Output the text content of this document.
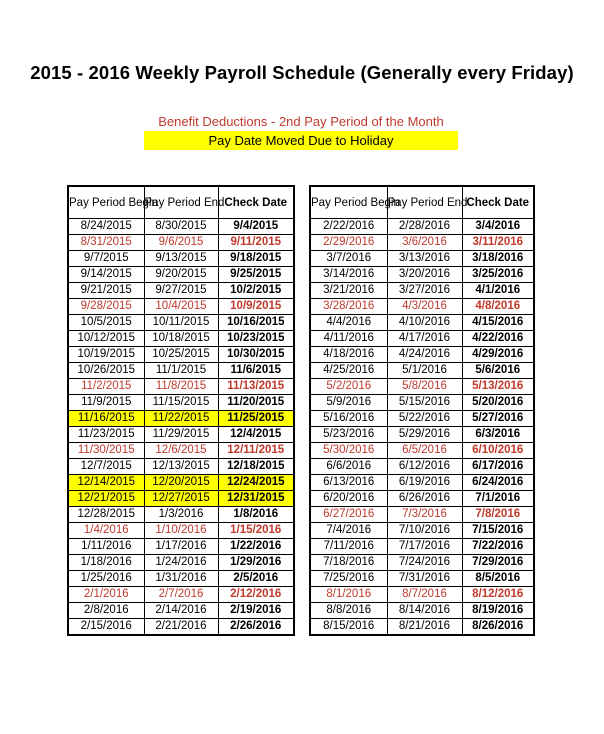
2015 - 2016 Weekly Payroll Schedule (Generally every Friday)
Benefit Deductions - 2nd Pay Period of the Month
Pay Date Moved Due to Holiday
Pay Period Begin	Pay Period End	Check Date
8/24/2015	8/30/2015	9/4/2015
8/31/2015	9/6/2015	9/11/2015
9/7/2015	9/13/2015	9/18/2015
9/14/2015	9/20/2015	9/25/2015
9/21/2015	9/27/2015	10/2/2015
9/28/2015	10/4/2015	10/9/2015
10/5/2015	10/11/2015	10/16/2015
10/12/2015	10/18/2015	10/23/2015
10/19/2015	10/25/2015	10/30/2015
10/26/2015	11/1/2015	11/6/2015
11/2/2015	11/8/2015	11/13/2015
11/9/2015	11/15/2015	11/20/2015
11/16/2015	11/22/2015	11/25/2015
11/23/2015	11/29/2015	12/4/2015
11/30/2015	12/6/2015	12/11/2015
12/7/2015	12/13/2015	12/18/2015
12/14/2015	12/20/2015	12/24/2015
12/21/2015	12/27/2015	12/31/2015
12/28/2015	1/3/2016	1/8/2016
1/4/2016	1/10/2016	1/15/2016
1/11/2016	1/17/2016	1/22/2016
1/18/2016	1/24/2016	1/29/2016
1/25/2016	1/31/2016	2/5/2016
2/1/2016	2/7/2016	2/12/2016
2/8/2016	2/14/2016	2/19/2016
2/15/2016	2/21/2016	2/26/2016
Pay Period Begin	Pay Period End	Check Date
2/22/2016	2/28/2016	3/4/2016
2/29/2016	3/6/2016	3/11/2016
3/7/2016	3/13/2016	3/18/2016
3/14/2016	3/20/2016	3/25/2016
3/21/2016	3/27/2016	4/1/2016
3/28/2016	4/3/2016	4/8/2016
4/4/2016	4/10/2016	4/15/2016
4/11/2016	4/17/2016	4/22/2016
4/18/2016	4/24/2016	4/29/2016
4/25/2016	5/1/2016	5/6/2016
5/2/2016	5/8/2016	5/13/2016
5/9/2016	5/15/2016	5/20/2016
5/16/2016	5/22/2016	5/27/2016
5/23/2016	5/29/2016	6/3/2016
5/30/2016	6/5/2016	6/10/2016
6/6/2016	6/12/2016	6/17/2016
6/13/2016	6/19/2016	6/24/2016
6/20/2016	6/26/2016	7/1/2016
6/27/2016	7/3/2016	7/8/2016
7/4/2016	7/10/2016	7/15/2016
7/11/2016	7/17/2016	7/22/2016
7/18/2016	7/24/2016	7/29/2016
7/25/2016	7/31/2016	8/5/2016
8/1/2016	8/7/2016	8/12/2016
8/8/2016	8/14/2016	8/19/2016
8/15/2016	8/21/2016	8/26/2016
